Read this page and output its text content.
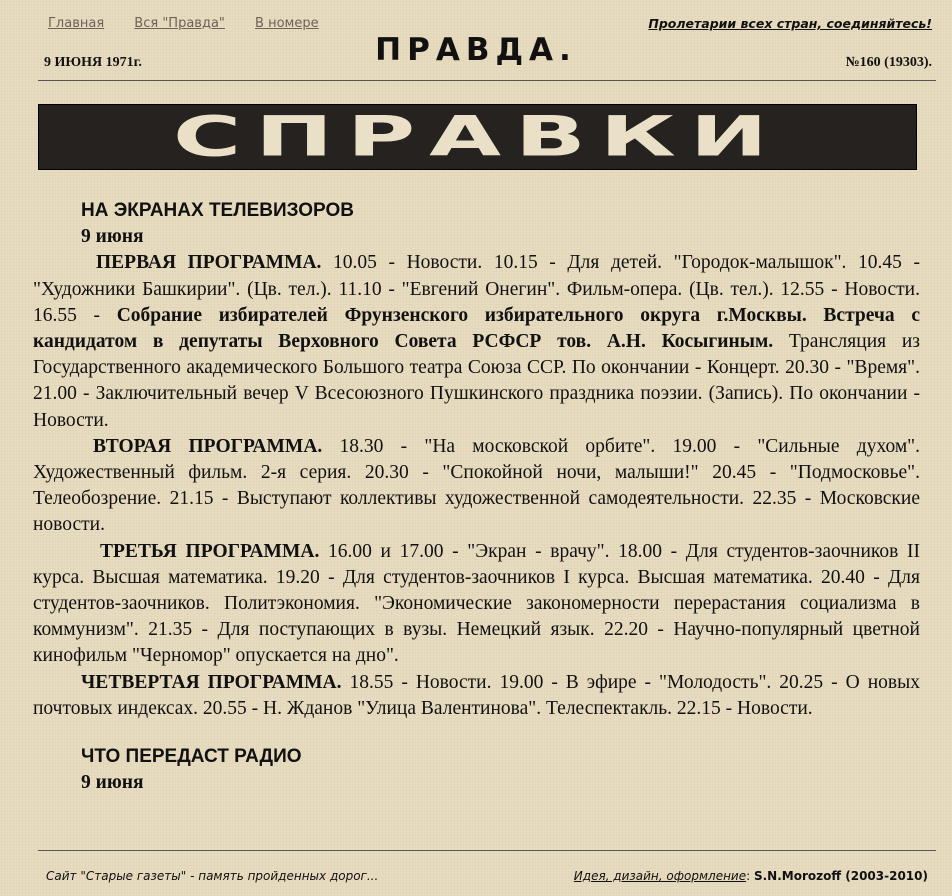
Главная Вся "Правда" В номере	Пролетарии всех стран, соединяйтесь!
9 ИЮНЯ 1971г.	ПРАВДА.	№160 (19303).
СПРАВКИ
НА ЭКРАНАХ ТЕЛЕВИЗОРОВ
9 июня

ПЕРВАЯ ПРОГРАММА. 10.05 - Новости. 10.15 - Для детей. "Городок-малышок". 10.45 - "Художники Башкирии". (Цв. тел.). 11.10 - "Евгений Онегин". Фильм-опера. (Цв. тел.). 12.55 - Новости. 16.55 - Собрание избирателей Фрунзенского избирательного округа г.Москвы. Встреча с кандидатом в депутаты Верховного Совета РСФСР тов. А.Н. Косыгиным. Трансляция из Государственного академического Большого театра Союза ССР. По окончании - Концерт. 20.30 - "Время". 21.00 - Заключительный вечер V Всесоюзного Пушкинского праздника поэзии. (Запись). По окончании - Новости.

ВТОРАЯ ПРОГРАММА. 18.30 - "На московской орбите". 19.00 - "Сильные духом". Художественный фильм. 2-я серия. 20.30 - "Спокойной ночи, малыши!" 20.45 - "Подмосковье". Телеобозрение. 21.15 - Выступают коллективы художественной самодеятельности. 22.35 - Московские новости.

ТРЕТЬЯ ПРОГРАММА. 16.00 и 17.00 - "Экран - врачу". 18.00 - Для студентов-заочников II курса. Высшая математика. 19.20 - Для студентов-заочников I курса. Высшая математика. 20.40 - Для студентов-заочников. Политэкономия. "Экономические закономерности перерастания социализма в коммунизм". 21.35 - Для поступающих в вузы. Немецкий язык. 22.20 - Научно-популярный цветной кинофильм "Черномор" опускается на дно".

ЧЕТВЕРТАЯ ПРОГРАММА. 18.55 - Новости. 19.00 - В эфире - "Молодость". 20.25 - О новых почтовых индексах. 20.55 - Н. Жданов "Улица Валентинова". Телеспектакль. 22.15 - Новости.

ЧТО ПЕРЕДАСТ РАДИО
9 июня
Сайт "Старые газеты" - память пройденных дорог...	Идея, дизайн, оформление: S.N.Morozoff (2003-2010)
